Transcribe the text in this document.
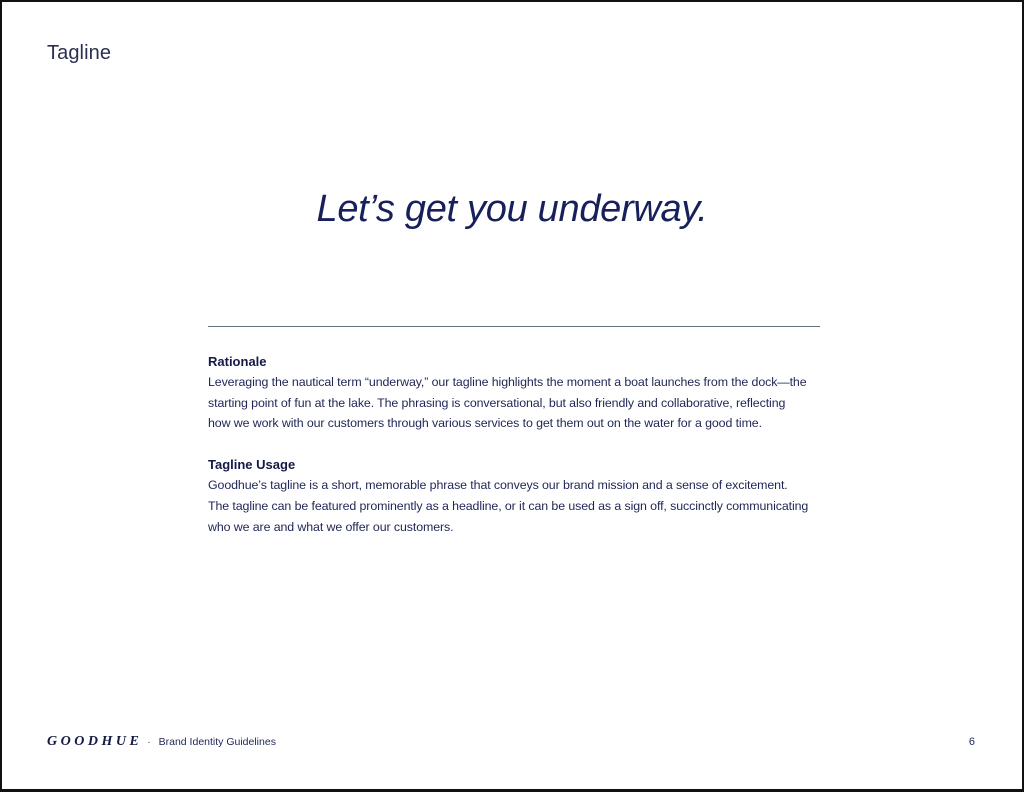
Tagline
Let’s get you underway.

Rationale

Leveraging the nautical term “underway,” our tagline highlights the moment a boat launches from the dock—the
starting point of fun at the lake. The phrasing is conversational, but also friendly and collaborative, reflecting
how we work with our customers through various services to get them out on the water for a good time.

Tagline Usage

Goodhue’s tagline is a short, memorable phrase that conveys our brand mission and a sense of excitement.
The tagline can be featured prominently as a headline, or it can be used as a sign off, succinctly communicating
who we are and what we offer our customers.
GOODHUE · Brand Identity Guidelines	6
